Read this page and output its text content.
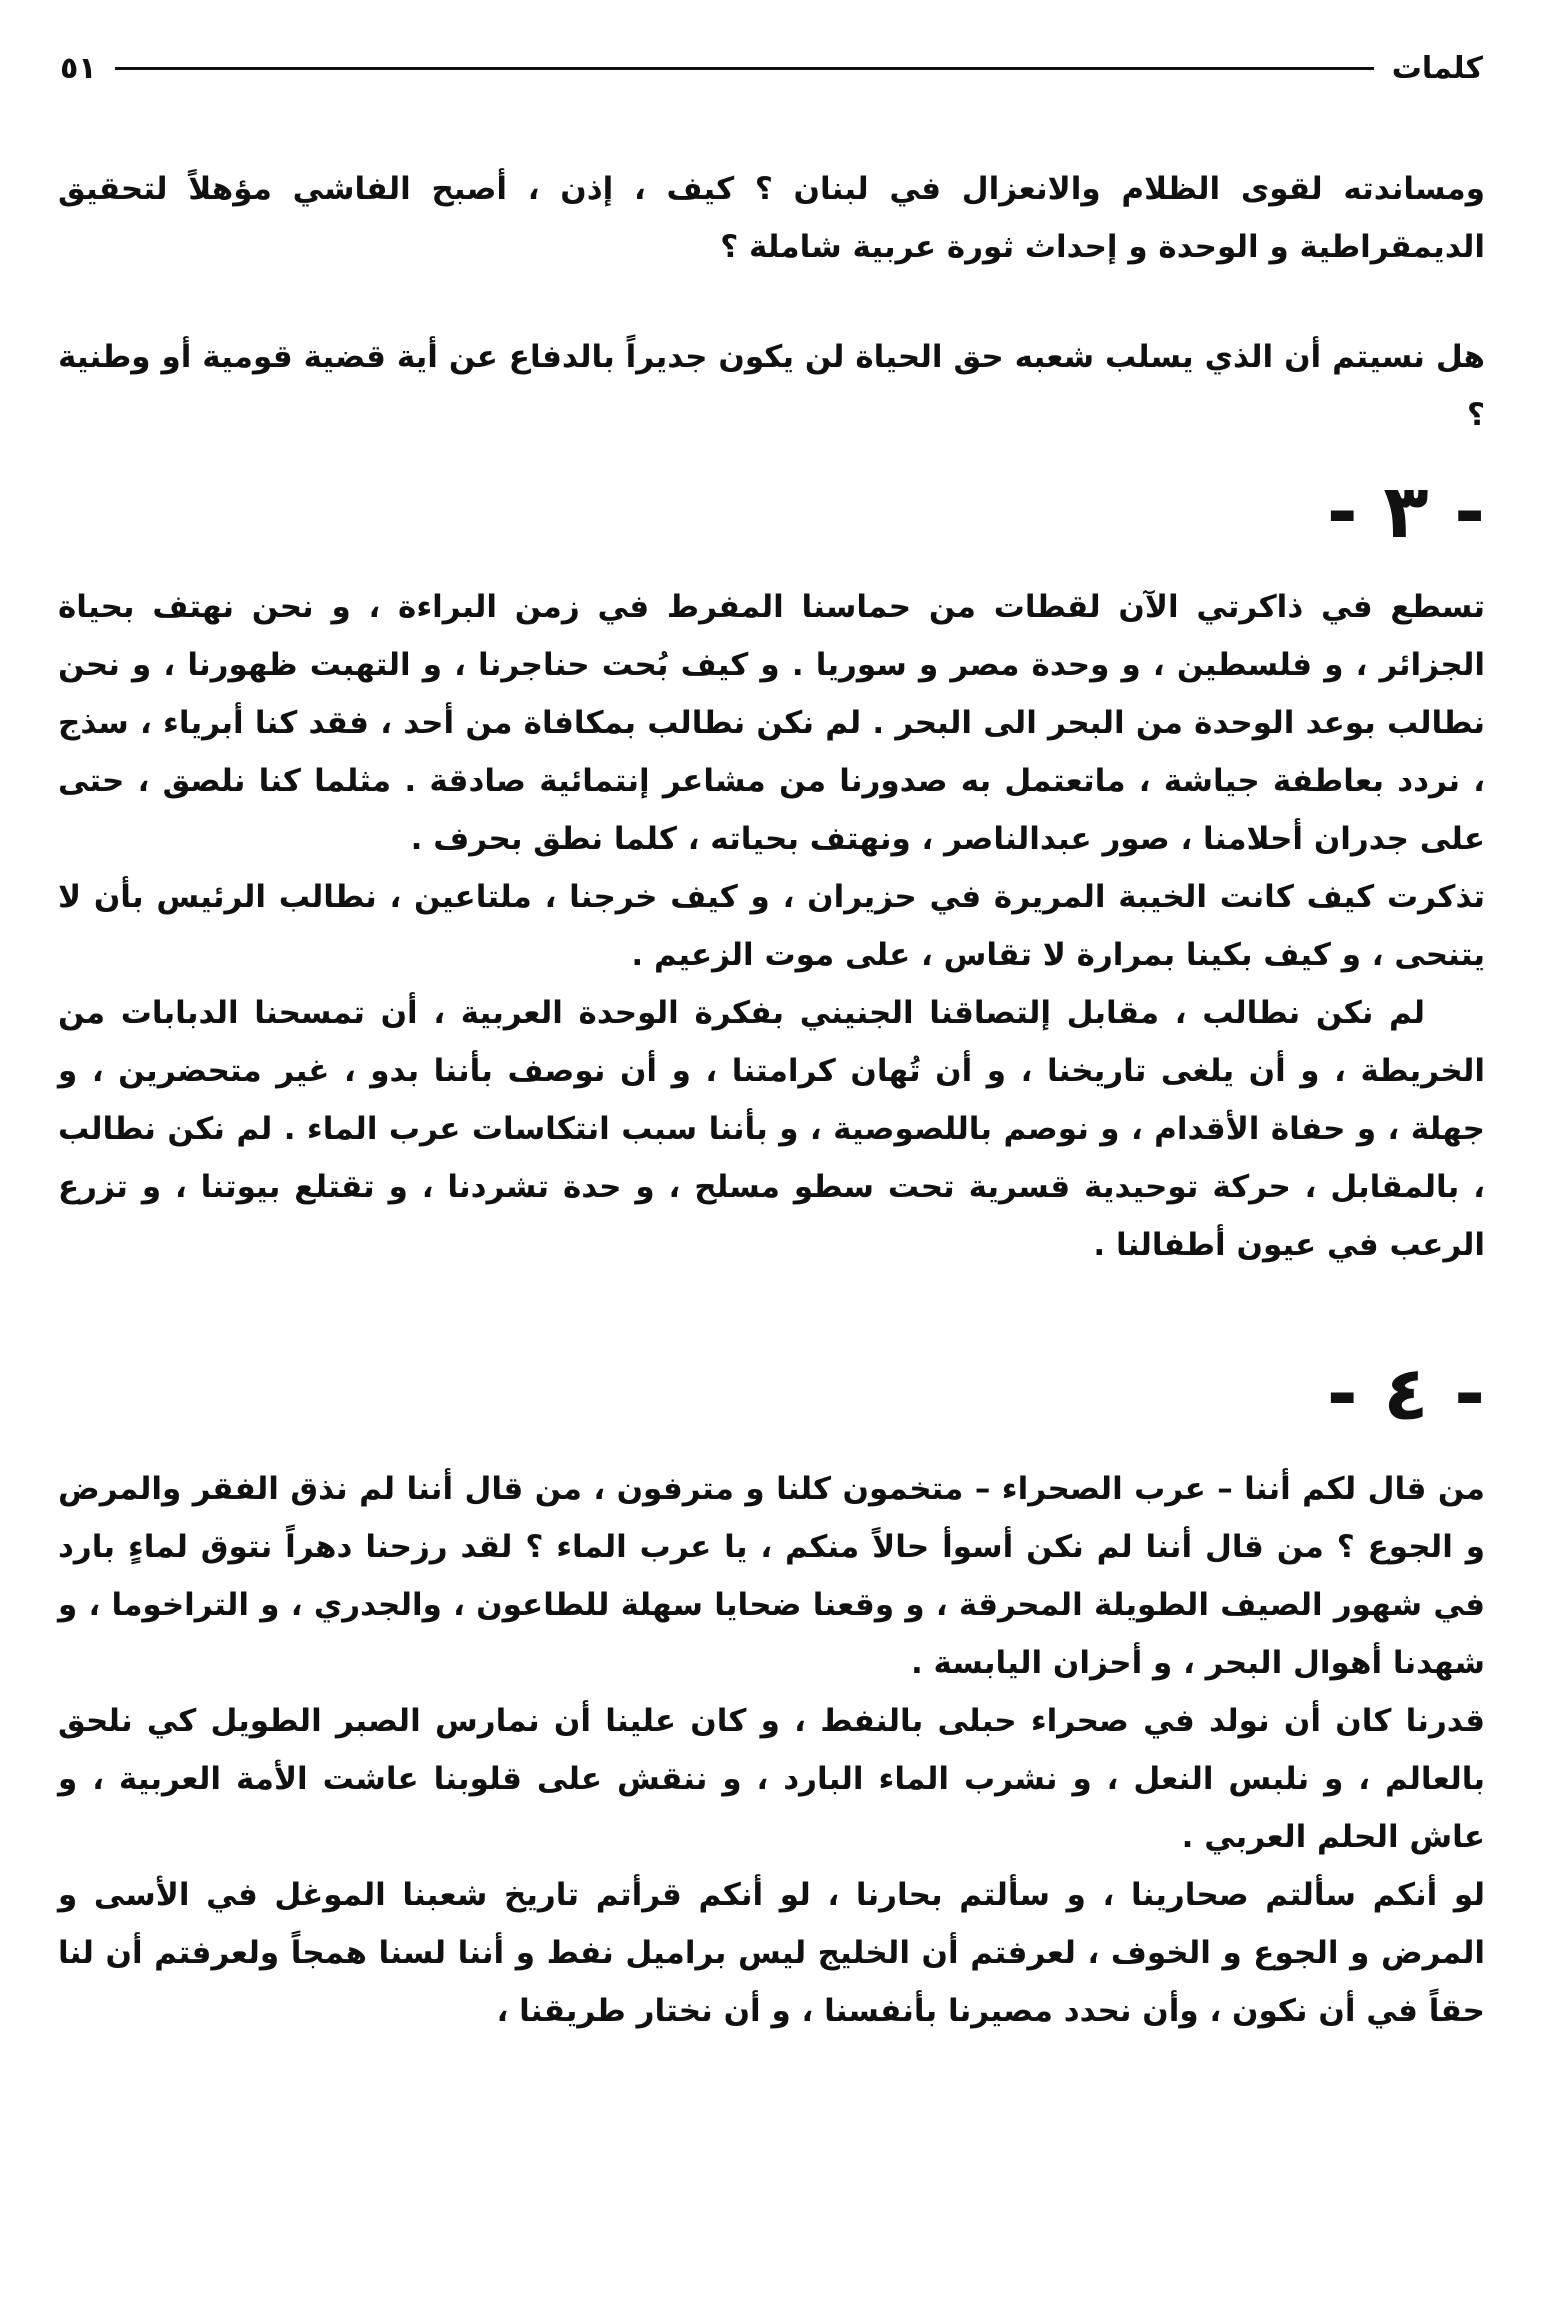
كلمات
٥١

ومساندته لقوى الظلام والانعزال في لبنان ؟ كيف ، إذن ، أصبح الفاشي مؤهلاً لتحقيق الديمقراطية و الوحدة و إحداث ثورة عربية شاملة ؟

هل نسيتم أن الذي يسلب شعبه حق الحياة لن يكون جديراً بالدفاع عن أية قضية قومية أو وطنية ؟

- ٣ -

تسطع في ذاكرتي الآن لقطات من حماسنا المفرط في زمن البراءة ، و نحن نهتف بحياة الجزائر ، و فلسطين ، و وحدة مصر و سوريا . و كيف بُحت حناجرنا ، و التهبت ظهورنا ، و نحن نطالب بوعد الوحدة من البحر الى البحر . لم نكن نطالب بمكافاة من أحد ، فقد كنا أبرياء ، سذج ، نردد بعاطفة جياشة ، ماتعتمل به صدورنا من مشاعر إنتمائية صادقة . مثلما كنا نلصق ، حتى على جدران أحلامنا ، صور عبدالناصر ، ونهتف بحياته ، كلما نطق بحرف .

تذكرت كيف كانت الخيبة المريرة في حزيران ، و كيف خرجنا ، ملتاعين ، نطالب الرئيس بأن لا يتنحى ، و كيف بكينا بمرارة لا تقاس ، على موت الزعيم .

لم نكن نطالب ، مقابل إلتصاقنا الجنيني بفكرة الوحدة العربية ، أن تمسحنا الدبابات من الخريطة ، و أن يلغى تاريخنا ، و أن تُهان كرامتنا ، و أن نوصف بأننا بدو ، غير متحضرين ، و جهلة ، و حفاة الأقدام ، و نوصم باللصوصية ، و بأننا سبب انتكاسات عرب الماء . لم نكن نطالب ، بالمقابل ، حركة توحيدية قسرية تحت سطو مسلح ، و حدة تشردنا ، و تقتلع بيوتنا ، و تزرع الرعب في عيون أطفالنا .

- ٤ -

من قال لكم أننا – عرب الصحراء – متخمون كلنا و مترفون ، من قال أننا لم نذق الفقر والمرض و الجوع ؟ من قال أننا لم نكن أسوأ حالاً منكم ، يا عرب الماء ؟ لقد رزحنا دهراً نتوق لماءٍ بارد في شهور الصيف الطويلة المحرقة ، و وقعنا ضحايا سهلة للطاعون ، والجدري ، و التراخوما ، و شهدنا أهوال البحر ، و أحزان اليابسة .

قدرنا كان أن نولد في صحراء حبلى بالنفط ، و كان علينا أن نمارس الصبر الطويل كي نلحق بالعالم ، و نلبس النعل ، و نشرب الماء البارد ، و ننقش على قلوبنا عاشت الأمة العربية ، و عاش الحلم العربي .

لو أنكم سألتم صحارينا ، و سألتم بحارنا ، لو أنكم قرأتم تاريخ شعبنا الموغل في الأسى و المرض و الجوع و الخوف ، لعرفتم أن الخليج ليس براميل نفط و أننا لسنا همجاً ولعرفتم أن لنا حقاً في أن نكون ، وأن نحدد مصيرنا بأنفسنا ، و أن نختار طريقنا ،
